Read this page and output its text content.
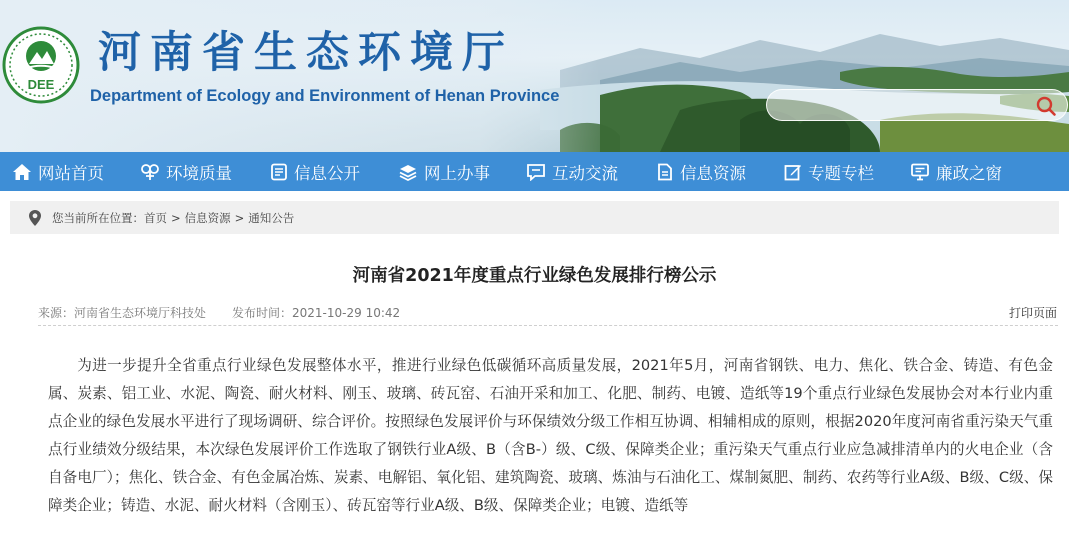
DEE
河南省生态环境厅
Department of Ecology and Environment of Henan Province
网站首页	环境质量	信息公开	网上办事	互动交流	信息资源	专题专栏	廉政之窗
您当前所在位置： 首页 > 信息资源 > 通知公告
河南省2021年度重点行业绿色发展排行榜公示
来源：河南省生态环境厅科技处 发布时间：2021-10-29 10:42	打印页面

为进一步提升全省重点行业绿色发展整体水平，推进行业绿色低碳循环高质量发展，2021年5月，河南省钢铁、电力、焦化、铁合金、铸造、有色金属、炭素、铝工业、水泥、陶瓷、耐火材料、刚玉、玻璃、砖瓦窑、石油开采和加工、化肥、制药、电镀、造纸等19个重点行业绿色发展协会对本行业内重点企业的绿色发展水平进行了现场调研、综合评价。按照绿色发展评价与环保绩效分级工作相互协调、相辅相成的原则，根据2020年度河南省重污染天气重点行业绩效分级结果，本次绿色发展评价工作选取了钢铁行业A级、B（含B-）级、C级、保障类企业；重污染天气重点行业应急减排清单内的火电企业（含自备电厂）；焦化、铁合金、有色金属冶炼、炭素、电解铝、氧化铝、建筑陶瓷、玻璃、炼油与石油化工、煤制氮肥、制药、农药等行业A级、B级、C级、保障类企业；铸造、水泥、耐火材料（含刚玉）、砖瓦窑等行业A级、B级、保障类企业；电镀、造纸等
